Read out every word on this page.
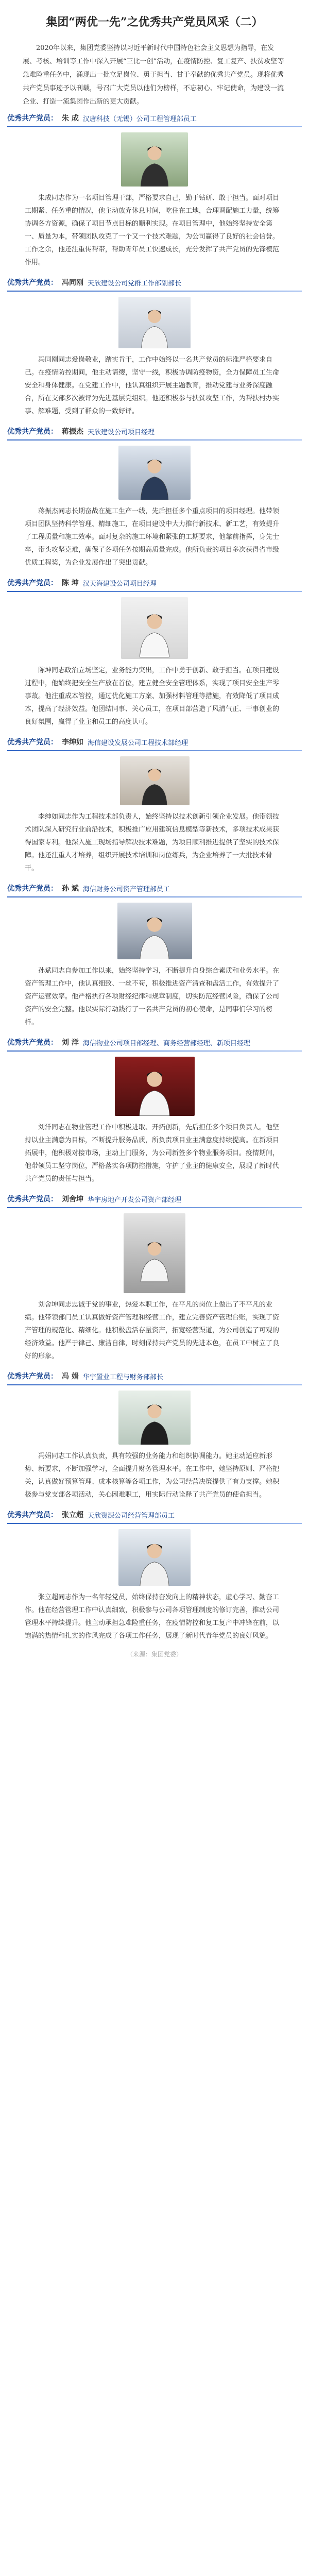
集团“两优一先”之优秀共产党员风采（二）

2020年以来，集团党委坚持以习近平新时代中国特色社会主义思想为指导，在发展、考核、培训等工作中深入开展“三比一创”活动，在疫情防控、复工复产、扶贫攻坚等急难险重任务中，涌现出一批立足岗位、勇于担当、甘于奉献的优秀共产党员。现将优秀共产党员事迹予以刊载，号召广大党员以他们为榜样，不忘初心、牢记使命，为建设一流企业、打造一流集团作出新的更大贡献。

优秀共产党员： 朱 成 汉唐科技（无锡）公司工程管理部员工

朱成同志作为一名项目管理干部，严格要求自己，勤于钻研、敢于担当。面对项目工期紧、任务重的情况，他主动放弃休息时间，吃住在工地，合理调配施工力量，统筹协调各方资源，确保了项目节点目标的顺利实现。在项目管理中，他始终坚持安全第一、质量为本，带领团队攻克了一个又一个技术难题，为公司赢得了良好的社会信誉。工作之余，他还注重传帮带，帮助青年员工快速成长，充分发挥了共产党员的先锋模范作用。

优秀共产党员： 冯同刚 天欣建设公司党群工作部副部长

冯同刚同志爱岗敬业，踏实肯干，工作中始终以一名共产党员的标准严格要求自己。在疫情防控期间，他主动请缨，坚守一线，积极协调防疫物资，全力保障员工生命安全和身体健康。在党建工作中，他认真组织开展主题教育，推动党建与业务深度融合，所在支部多次被评为先进基层党组织。他还积极参与扶贫攻坚工作，为帮扶村办实事、解难题，受到了群众的一致好评。

优秀共产党员： 蒋振杰 天欣建设公司项目经理

蒋振杰同志长期奋战在施工生产一线，先后担任多个重点项目的项目经理。他带领项目团队坚持科学管理、精细施工，在项目建设中大力推行新技术、新工艺，有效提升了工程质量和施工效率。面对复杂的施工环境和紧张的工期要求，他靠前指挥，身先士卒，带头攻坚克难，确保了各项任务按期高质量完成。他所负责的项目多次获得省市级优质工程奖，为企业发展作出了突出贡献。

优秀共产党员： 陈 坤 汉天海建设公司项目经理

陈坤同志政治立场坚定，业务能力突出，工作中勇于创新、敢于担当。在项目建设过程中，他始终把安全生产放在首位，建立健全安全管理体系，实现了项目安全生产零事故。他注重成本管控，通过优化施工方案、加强材料管理等措施，有效降低了项目成本，提高了经济效益。他团结同事、关心员工，在项目部营造了风清气正、干事创业的良好氛围，赢得了业主和员工的高度认可。

优秀共产党员： 李绅如 海信建设发展公司工程技术部经理

李绅如同志作为工程技术部负责人，始终坚持以技术创新引领企业发展。他带领技术团队深入研究行业前沿技术，积极推广应用建筑信息模型等新技术，多项技术成果获得国家专利。他深入施工现场指导解决技术难题，为项目顺利推进提供了坚实的技术保障。他还注重人才培养，组织开展技术培训和岗位练兵，为企业培养了一大批技术骨干。

优秀共产党员： 孙 斌 海信财务公司资产管理部员工

孙斌同志自参加工作以来，始终坚持学习，不断提升自身综合素质和业务水平。在资产管理工作中，他认真细致、一丝不苟，积极推进资产清查和盘活工作，有效提升了资产运营效率。他严格执行各项财经纪律和规章制度，切实防范经营风险，确保了公司资产的安全完整。他以实际行动践行了一名共产党员的初心使命，是同事们学习的榜样。

优秀共产党员： 刘 洋 海信物业公司项目部经理、商务经营部经理、新项目经理

刘洋同志在物业管理工作中积极进取、开拓创新，先后担任多个项目负责人。他坚持以业主满意为目标，不断提升服务品质，所负责项目业主满意度持续提高。在新项目拓展中，他积极对接市场，主动上门服务，为公司新签多个物业服务项目。疫情期间，他带领员工坚守岗位，严格落实各项防控措施，守护了业主的健康安全，展现了新时代共产党员的责任与担当。

优秀共产党员： 刘舍坤 华宇房地产开发公司资产部经理

刘舍坤同志忠诚于党的事业，热爱本职工作，在平凡的岗位上做出了不平凡的业绩。他带领部门员工认真做好资产管理和经营工作，建立完善资产管理台账，实现了资产管理的规范化、精细化。他积极盘活存量资产，拓宽经营渠道，为公司创造了可观的经济效益。他严于律己、廉洁自律，时刻保持共产党员的先进本色，在员工中树立了良好的形象。

优秀共产党员： 冯 娟 华宇置业工程与财务部部长

冯娟同志工作认真负责，具有较强的业务能力和组织协调能力。她主动适应新形势、新要求，不断加强学习，全面提升财务管理水平。在工作中，她坚持原则、严格把关，认真做好预算管理、成本核算等各项工作，为公司经营决策提供了有力支撑。她积极参与党支部各项活动，关心困难职工，用实际行动诠释了共产党员的使命担当。

优秀共产党员： 张立超 天欣资源公司经营管理部员工

张立超同志作为一名年轻党员，始终保持奋发向上的精神状态，虚心学习、勤奋工作。他在经营管理工作中认真细致，积极参与公司各项管理制度的修订完善，推动公司管理水平持续提升。他主动承担急难险重任务，在疫情防控和复工复产中冲锋在前，以饱满的热情和扎实的作风完成了各项工作任务，展现了新时代青年党员的良好风貌。

（来源：集团党委）
